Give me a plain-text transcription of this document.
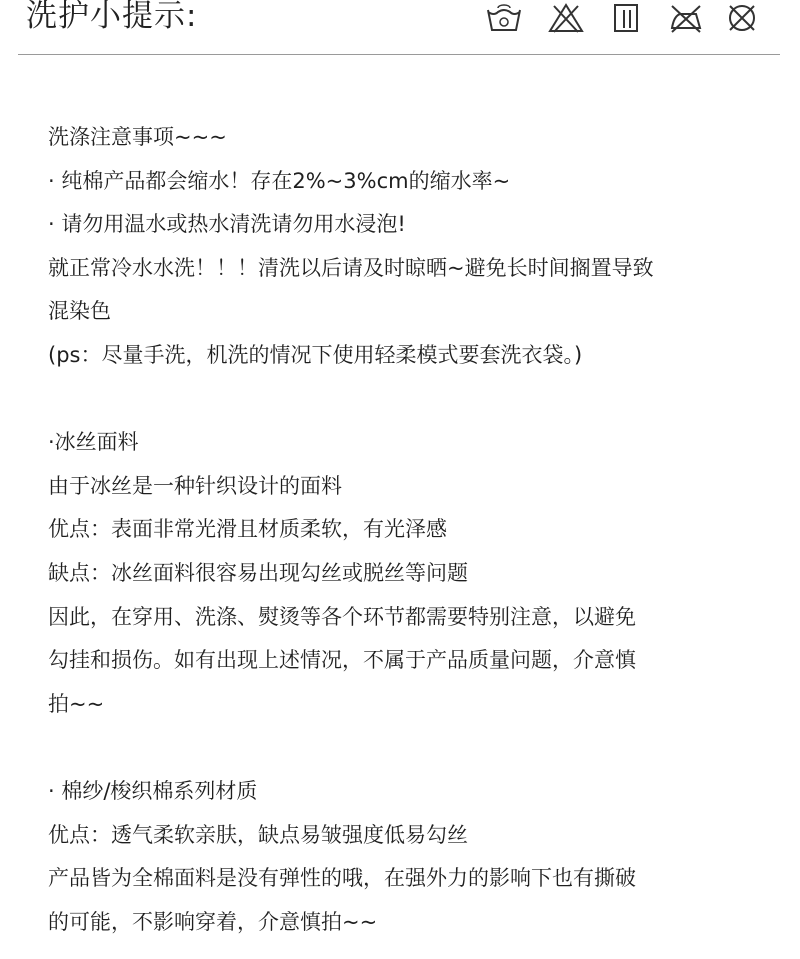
洗护小提示:

洗涤注意事项~~~

· 纯棉产品都会缩水！存在2%~3%cm的缩水率~

· 请勿用温水或热水清洗请勿用水浸泡!

就正常冷水水洗！！！清洗以后请及时晾晒~避免长时间搁置导致

混染色

(ps：尽量手洗，机洗的情况下使用轻柔模式要套洗衣袋。)

·冰丝面料

由于冰丝是一种针织设计的面料

优点：表面非常光滑且材质柔软，有光泽感

缺点：冰丝面料很容易出现勾丝或脱丝等问题

因此，在穿用、洗涤、熨烫等各个环节都需要特别注意，以避免

勾挂和损伤。如有出现上述情况，不属于产品质量问题，介意慎

拍~~

· 棉纱/梭织棉系列材质

优点：透气柔软亲肤，缺点易皱强度低易勾丝

产品皆为全棉面料是没有弹性的哦，在强外力的影响下也有撕破

的可能，不影响穿着，介意慎拍~~
